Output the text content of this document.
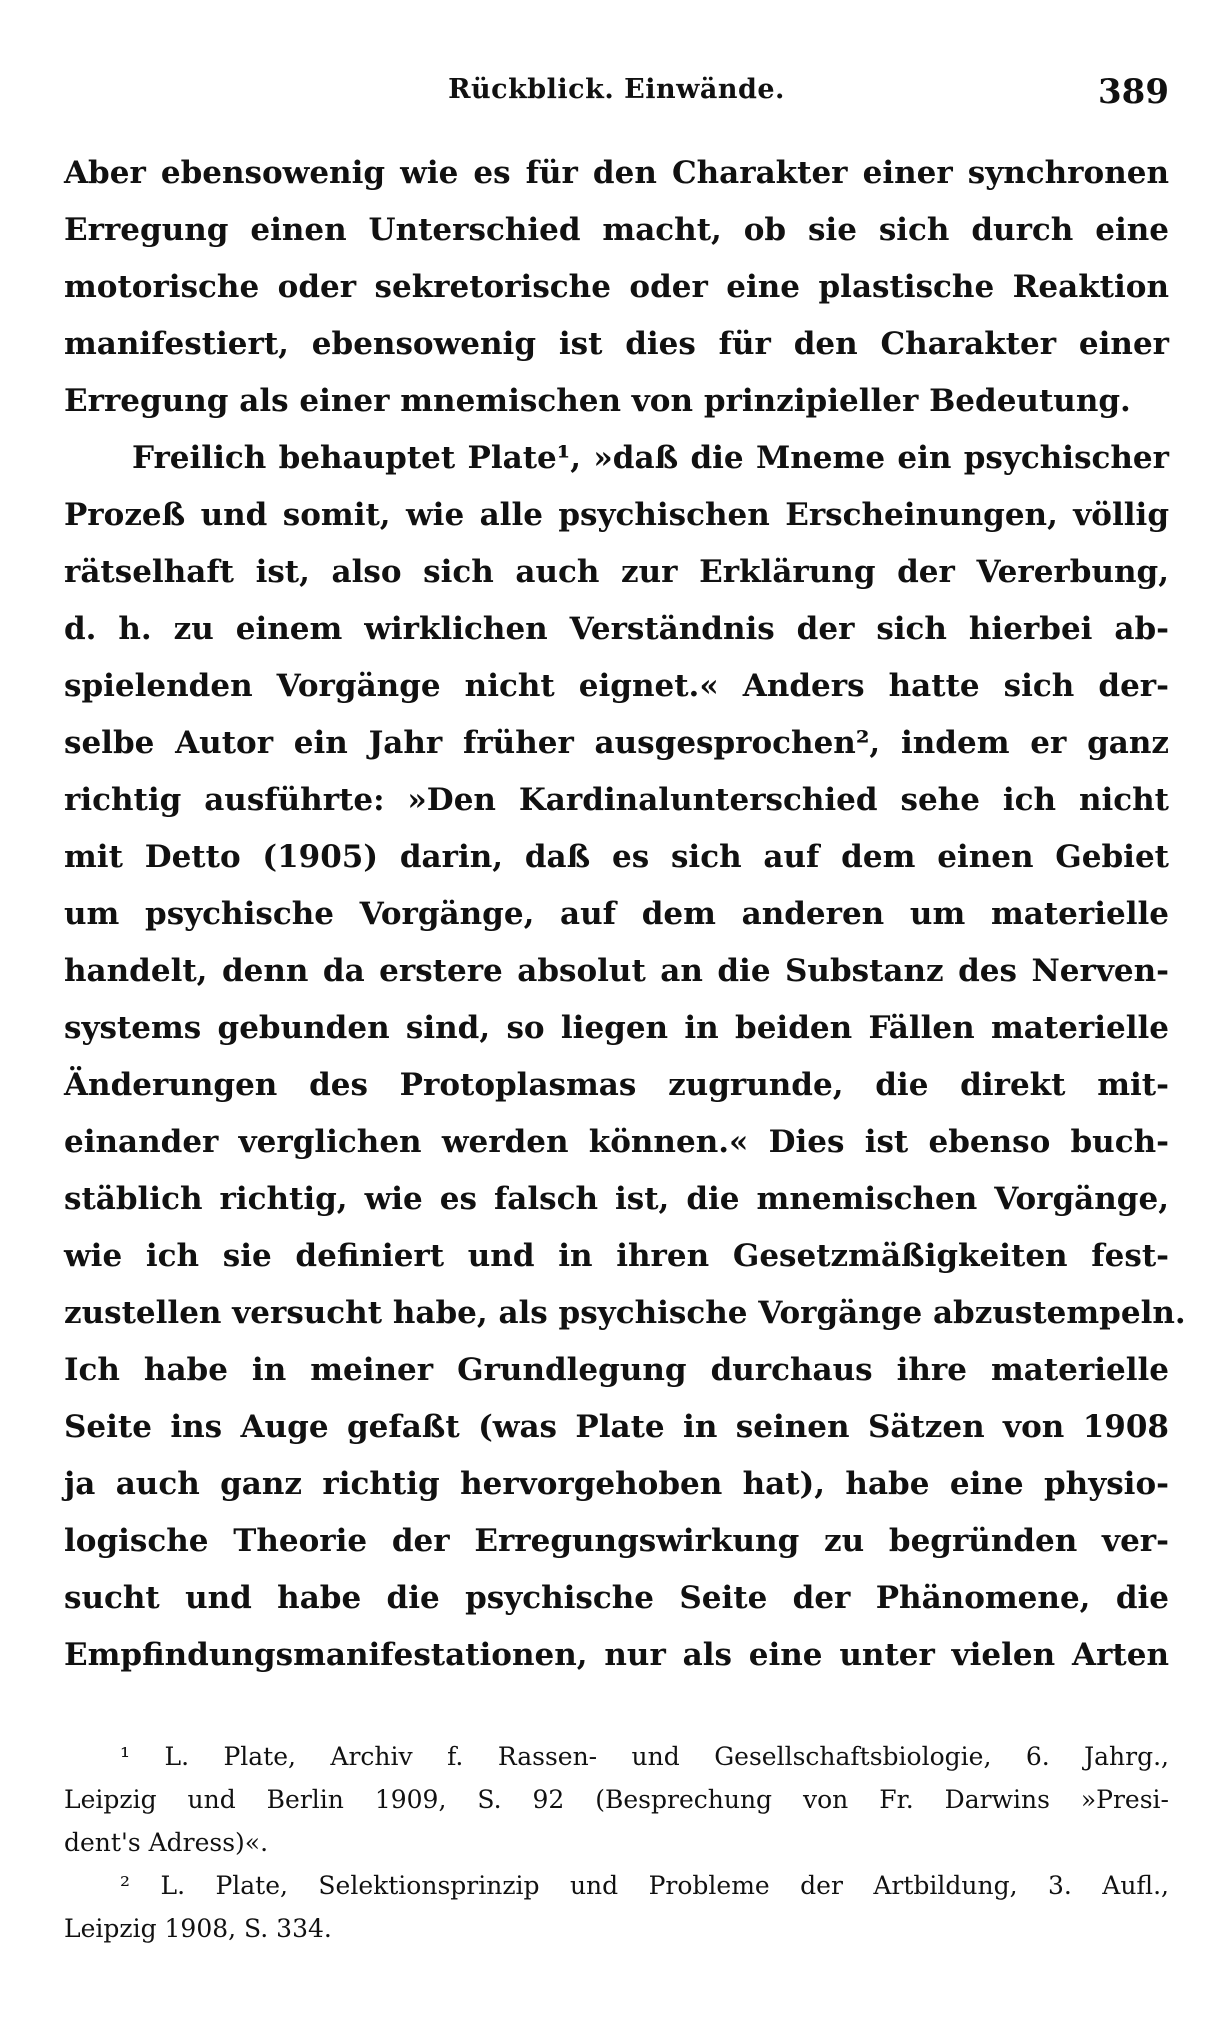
Rückblick. Einwände.	389
Aber ebensowenig wie es für den Charakter einer synchronen
Erregung einen Unterschied macht, ob sie sich durch eine
motorische oder sekretorische oder eine plastische Reaktion
manifestiert, ebensowenig ist dies für den Charakter einer
Erregung als einer mnemischen von prinzipieller Bedeutung.
Freilich behauptet Plate¹, »daß die Mneme ein psychischer
Prozeß und somit, wie alle psychischen Erscheinungen, völlig
rätselhaft ist, also sich auch zur Erklärung der Vererbung,
d. h. zu einem wirklichen Verständnis der sich hierbei ab-
spielenden Vorgänge nicht eignet.« Anders hatte sich der-
selbe Autor ein Jahr früher ausgesprochen², indem er ganz
richtig ausführte: »Den Kardinalunterschied sehe ich nicht
mit Detto (1905) darin, daß es sich auf dem einen Gebiet
um psychische Vorgänge, auf dem anderen um materielle
handelt, denn da erstere absolut an die Substanz des Nerven-
systems gebunden sind, so liegen in beiden Fällen materielle
Änderungen des Protoplasmas zugrunde, die direkt mit-
einander verglichen werden können.« Dies ist ebenso buch-
stäblich richtig, wie es falsch ist, die mnemischen Vorgänge,
wie ich sie definiert und in ihren Gesetzmäßigkeiten fest-
zustellen versucht habe, als psychische Vorgänge abzustempeln.
Ich habe in meiner Grundlegung durchaus ihre materielle
Seite ins Auge gefaßt (was Plate in seinen Sätzen von 1908
ja auch ganz richtig hervorgehoben hat), habe eine physio-
logische Theorie der Erregungswirkung zu begründen ver-
sucht und habe die psychische Seite der Phänomene, die
Empfindungsmanifestationen, nur als eine unter vielen Arten
¹ L. Plate, Archiv f. Rassen- und Gesellschaftsbiologie, 6. Jahrg.,
Leipzig und Berlin 1909, S. 92 (Besprechung von Fr. Darwins »Presi-
dent's Adress)«.
² L. Plate, Selektionsprinzip und Probleme der Artbildung, 3. Aufl.,
Leipzig 1908, S. 334.
